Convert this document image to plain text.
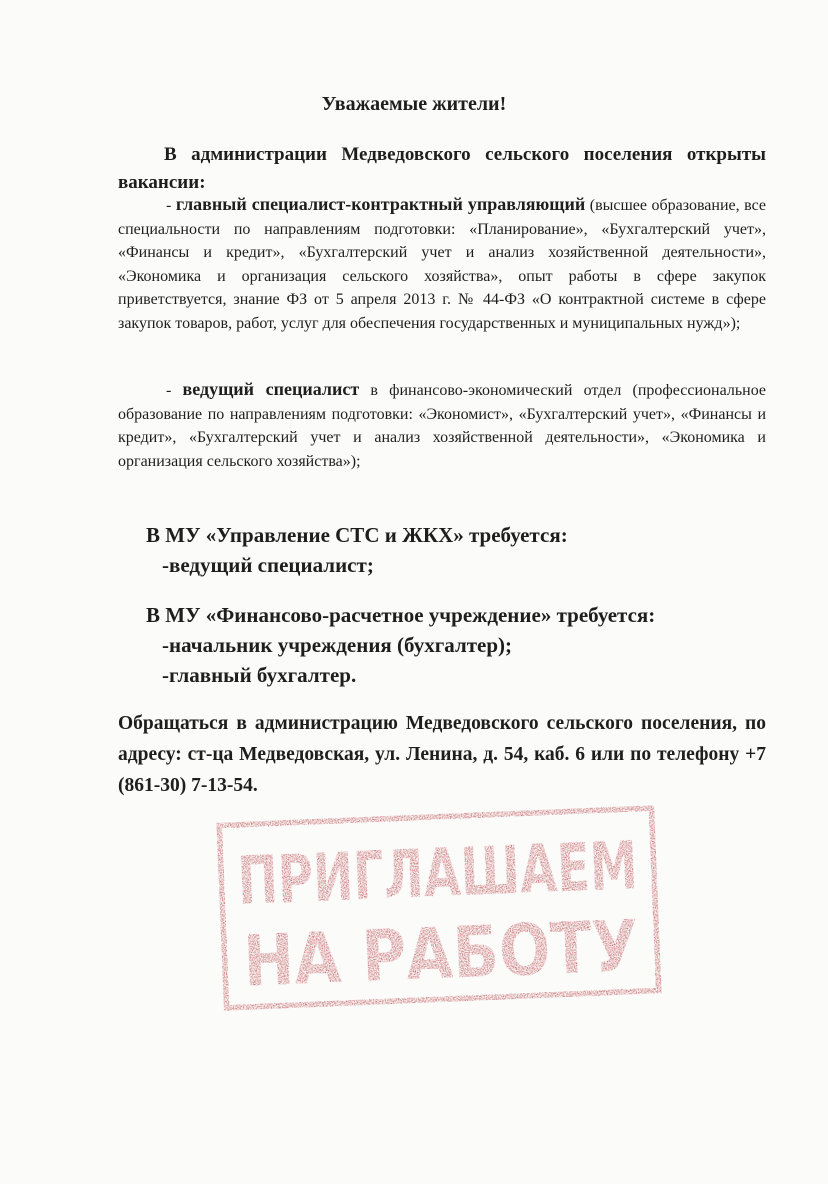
Уважаемые жители!

В администрации Медведовского сельского поселения открыты вакансии:

- главный специалист-контрактный управляющий (высшее образование, все специальности по направлениям подготовки: «Планирование», «Бухгалтерский учет», «Финансы и кредит», «Бухгалтерский учет и анализ хозяйственной деятельности», «Экономика и организация сельского хозяйства», опыт работы в сфере закупок приветствуется, знание ФЗ от 5 апреля 2013 г. № 44-ФЗ «О контрактной системе в сфере закупок товаров, работ, услуг для обеспечения государственных и муниципальных нужд»);

- ведущий специалист в финансово-экономический отдел (профессиональное образование по направлениям подготовки: «Экономист», «Бухгалтерский учет», «Финансы и кредит», «Бухгалтерский учет и анализ хозяйственной деятельности», «Экономика и организация сельского хозяйства»);

В МУ «Управление СТС и ЖКХ» требуется:
-ведущий специалист;
В МУ «Финансово-расчетное учреждение» требуется:
-начальник учреждения (бухгалтер);
-главный бухгалтер.

Обращаться в администрацию Медведовского сельского поселения, по адресу: ст-ца Медведовская, ул. Ленина, д. 54, каб. 6 или по телефону +7 (861-30) 7-13-54.

ПРИГЛАШАЕМ
НА РАБОТУ
